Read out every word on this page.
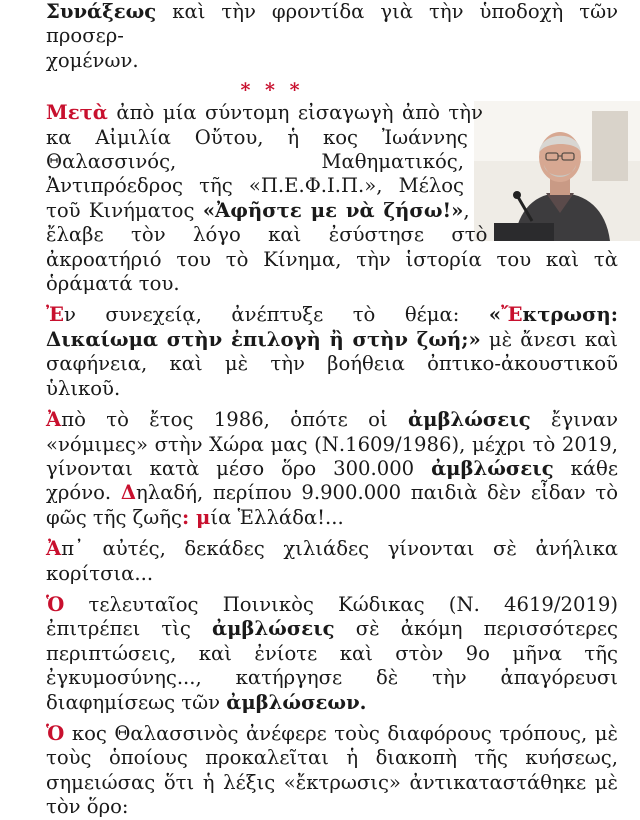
Συνάξεως καὶ τὴν φροντίδα γιὰ τὴν ὑποδοχὴ τῶν προσερ-
χομένων.

* * *

Μετὰ ἀπὸ μία σύντομη εἰσαγωγὴ ἀπὸ τὴν κα Αἰμιλία Οὔτου, ἡ κος Ἰωάννης Θαλασσινός, Μαθηματικός, Ἀντιπρόεδρος τῆς «Π.Ε.Φ.Ι.Π.», Μέλος τοῦ Κινήματος «Ἀφῆστε με νὰ ζήσω!», ἔλαβε τὸν λόγο καὶ ἐσύστησε στὸ ἀκροατήριό του τὸ Κίνημα, τὴν ἱστορία του καὶ τὰ ὁράματά του.

Ἐν συνεχείᾳ, ἀνέπτυξε τὸ θέμα: «Ἔκτρωση: Δικαίωμα στὴν ἐπιλογὴ ἢ στὴν ζωή;» μὲ ἄνεσι καὶ σαφήνεια, καὶ μὲ τὴν βοήθεια ὀπτικο-ἀκουστικοῦ ὑλικοῦ.

Ἀπὸ τὸ ἔτος 1986, ὁπότε οἱ ἀμβλώσεις ἔγιναν «νόμιμες» στὴν Χώρα μας (Ν.1609/1986), μέχρι τὸ 2019, γίνονται κατὰ μέσο ὅρο 300.000 ἀμβλώσεις κάθε χρόνο. Δηλαδή, περίπου 9.900.000 παιδιὰ δὲν εἶδαν τὸ φῶς τῆς ζωῆς: μία Ἑλλάδα!...

Ἀπ᾽ αὐτές, δεκάδες χιλιάδες γίνονται σὲ ἀνήλικα κορίτσια...

Ὁ τελευταῖος Ποινικὸς Κώδικας (Ν. 4619/2019) ἐπιτρέπει τὶς ἀμβλώσεις σὲ ἀκόμη περισσότερες περιπτώσεις, καὶ ἐνίοτε καὶ στὸν 9ο μῆνα τῆς ἐγκυμοσύνης..., κατήργησε δὲ τὴν ἀπαγόρευσι διαφημίσεως τῶν ἀμβλώσεων.

Ὁ κος Θαλασσινὸς ἀνέφερε τοὺς διαφόρους τρόπους, μὲ τοὺς ὁποίους προκαλεῖται ἡ διακοπὴ τῆς κυήσεως, σημειώσας ὅτι ἡ λέξις «ἔκτρωσις» ἀντικαταστάθηκε μὲ τὸν ὅρο:
